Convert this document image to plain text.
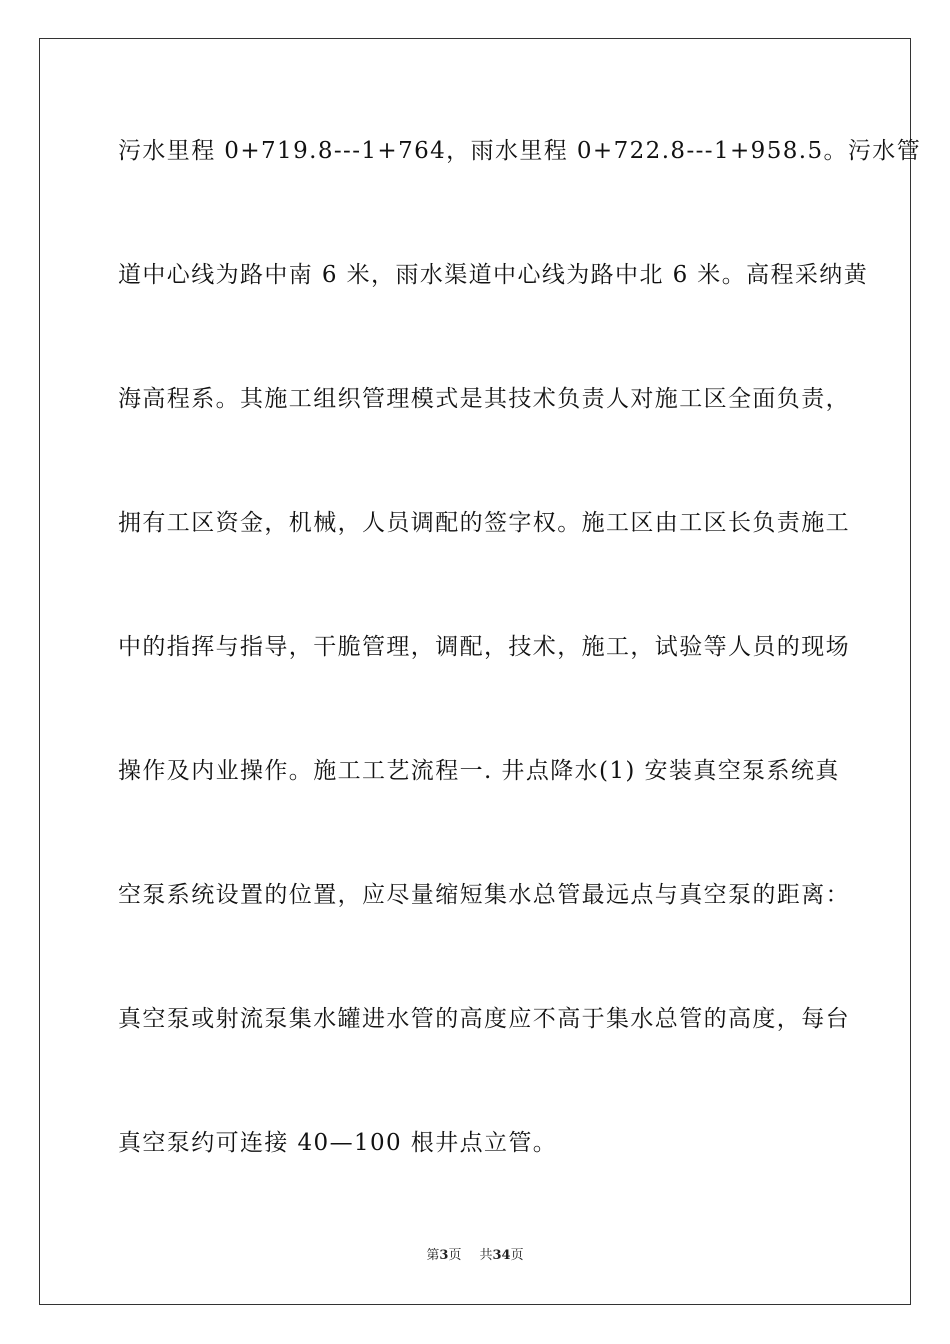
污水里程 0+719.8---1+764，雨水里程 0+722.8---1+958.5。污水管
道中心线为路中南 6 米，雨水渠道中心线为路中北 6 米。高程采纳黄
海高程系。其施工组织管理模式是其技术负责人对施工区全面负责，
拥有工区资金，机械，人员调配的签字权。施工区由工区长负责施工
中的指挥与指导，干脆管理，调配，技术，施工，试验等人员的现场
操作及内业操作。施工工艺流程一. 井点降水(1) 安装真空泵系统真
空泵系统设置的位置，应尽量缩短集水总管最远点与真空泵的距离：
真空泵或射流泵集水罐进水管的高度应不高于集水总管的高度，每台
真空泵约可连接 40—100 根井点立管。
第3页 共34页
